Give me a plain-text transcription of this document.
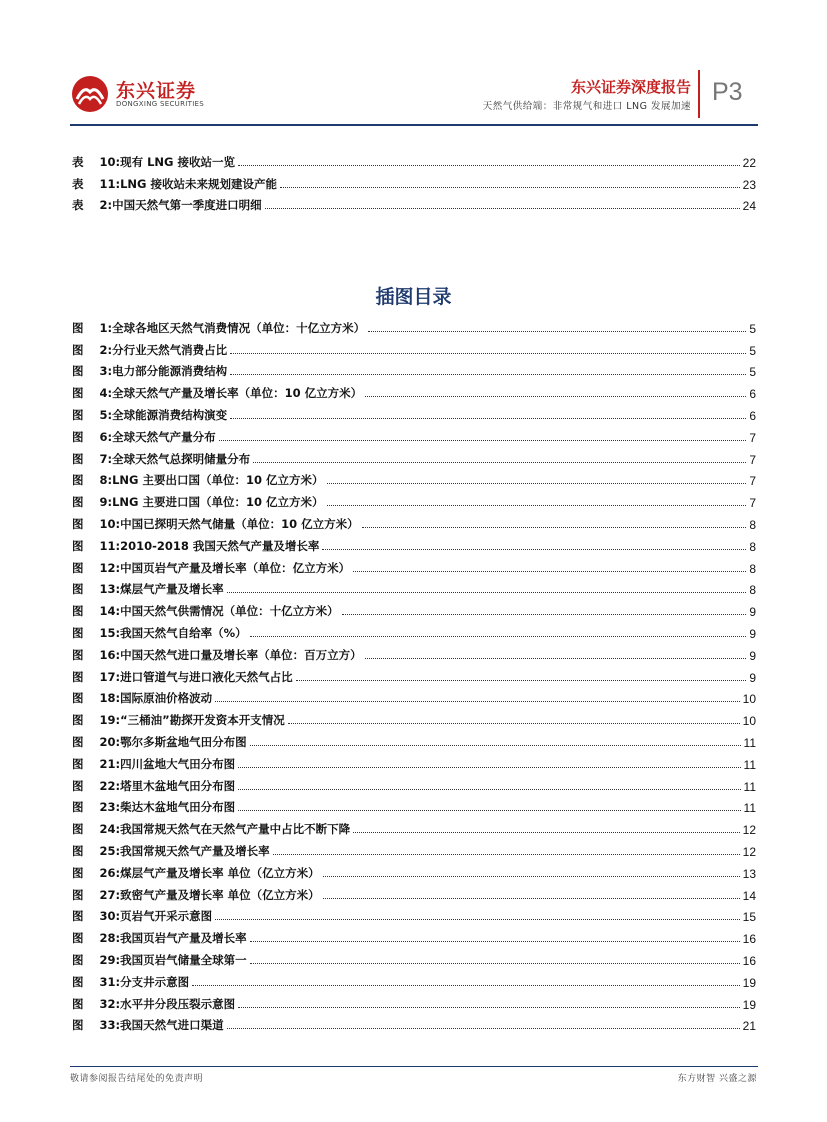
东兴证券
DONGXING SECURITIES
东兴证券深度报告
天然气供给端：非常规气和进口 LNG 发展加速
P3
表 10:现有 LNG 接收站一览	22
表 11:LNG 接收站未来规划建设产能	23
表 2:中国天然气第一季度进口明细	24
插图目录
图 1:全球各地区天然气消费情况（单位：十亿立方米）	5
图 2:分行业天然气消费占比	5
图 3:电力部分能源消费结构	5
图 4:全球天然气产量及增长率（单位：10 亿立方米）	6
图 5:全球能源消费结构演变	6
图 6:全球天然气产量分布	7
图 7:全球天然气总探明储量分布	7
图 8:LNG 主要出口国（单位：10 亿立方米）	7
图 9:LNG 主要进口国（单位：10 亿立方米）	7
图 10:中国已探明天然气储量（单位：10 亿立方米）	8
图 11:2010-2018 我国天然气产量及增长率	8
图 12:中国页岩气产量及增长率（单位：亿立方米）	8
图 13:煤层气产量及增长率	8
图 14:中国天然气供需情况（单位：十亿立方米）	9
图 15:我国天然气自给率（%）	9
图 16:中国天然气进口量及增长率（单位：百万立方）	9
图 17:进口管道气与进口液化天然气占比	9
图 18:国际原油价格波动	10
图 19:“三桶油”勘探开发资本开支情况	10
图 20:鄂尔多斯盆地气田分布图	11
图 21:四川盆地大气田分布图	11
图 22:塔里木盆地气田分布图	11
图 23:柴达木盆地气田分布图	11
图 24:我国常规天然气在天然气产量中占比不断下降	12
图 25:我国常规天然气产量及增长率	12
图 26:煤层气产量及增长率 单位（亿立方米）	13
图 27:致密气产量及增长率 单位（亿立方米）	14
图 30:页岩气开采示意图	15
图 28:我国页岩气产量及增长率	16
图 29:我国页岩气储量全球第一	16
图 31:分支井示意图	19
图 32:水平井分段压裂示意图	19
图 33:我国天然气进口渠道	21
敬请参阅报告结尾处的免责声明	东方财智 兴盛之源
